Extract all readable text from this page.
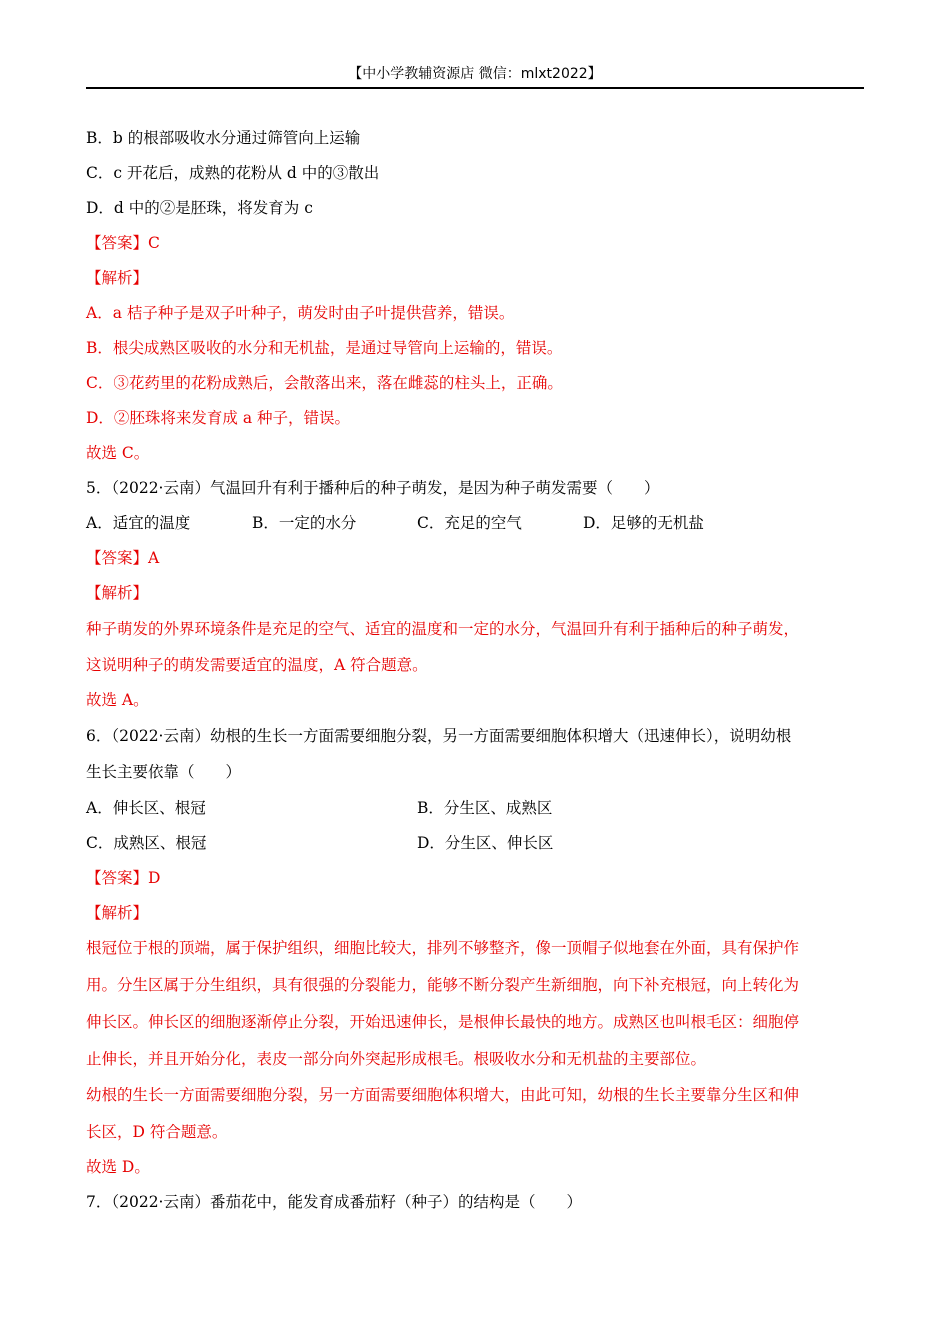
【中小学教辅资源店 微信：mlxt2022】
B．b 的根部吸收水分通过筛管向上运输
C．c 开花后，成熟的花粉从 d 中的③散出
D．d 中的②是胚珠，将发育为 c
【答案】C
【解析】
A．a 桔子种子是双子叶种子，萌发时由子叶提供营养，错误。
B．根尖成熟区吸收的水分和无机盐，是通过导管向上运输的，错误。
C．③花药里的花粉成熟后，会散落出来，落在雌蕊的柱头上，正确。
D．②胚珠将来发育成 a 种子，错误。
故选 C。
5．（2022·云南）气温回升有利于播种后的种子萌发，是因为种子萌发需要（　　）
A．适宜的温度	B．一定的水分	C．充足的空气	D．足够的无机盐
【答案】A
【解析】
种子萌发的外界环境条件是充足的空气、适宜的温度和一定的水分，气温回升有利于插种后的种子萌发，
这说明种子的萌发需要适宜的温度，A 符合题意。
故选 A。
6．（2022·云南）幼根的生长一方面需要细胞分裂，另一方面需要细胞体积增大（迅速伸长），说明幼根
生长主要依靠（　　）
A．伸长区、根冠	B．分生区、成熟区
C．成熟区、根冠	D．分生区、伸长区
【答案】D
【解析】
根冠位于根的顶端，属于保护组织，细胞比较大，排列不够整齐，像一顶帽子似地套在外面，具有保护作
用。分生区属于分生组织，具有很强的分裂能力，能够不断分裂产生新细胞，向下补充根冠，向上转化为
伸长区。伸长区的细胞逐渐停止分裂，开始迅速伸长，是根伸长最快的地方。成熟区也叫根毛区：细胞停
止伸长，并且开始分化，表皮一部分向外突起形成根毛。根吸收水分和无机盐的主要部位。
幼根的生长一方面需要细胞分裂，另一方面需要细胞体积增大，由此可知，幼根的生长主要靠分生区和伸
长区，D 符合题意。
故选 D。
7．（2022·云南）番茄花中，能发育成番茄籽（种子）的结构是（　　）
